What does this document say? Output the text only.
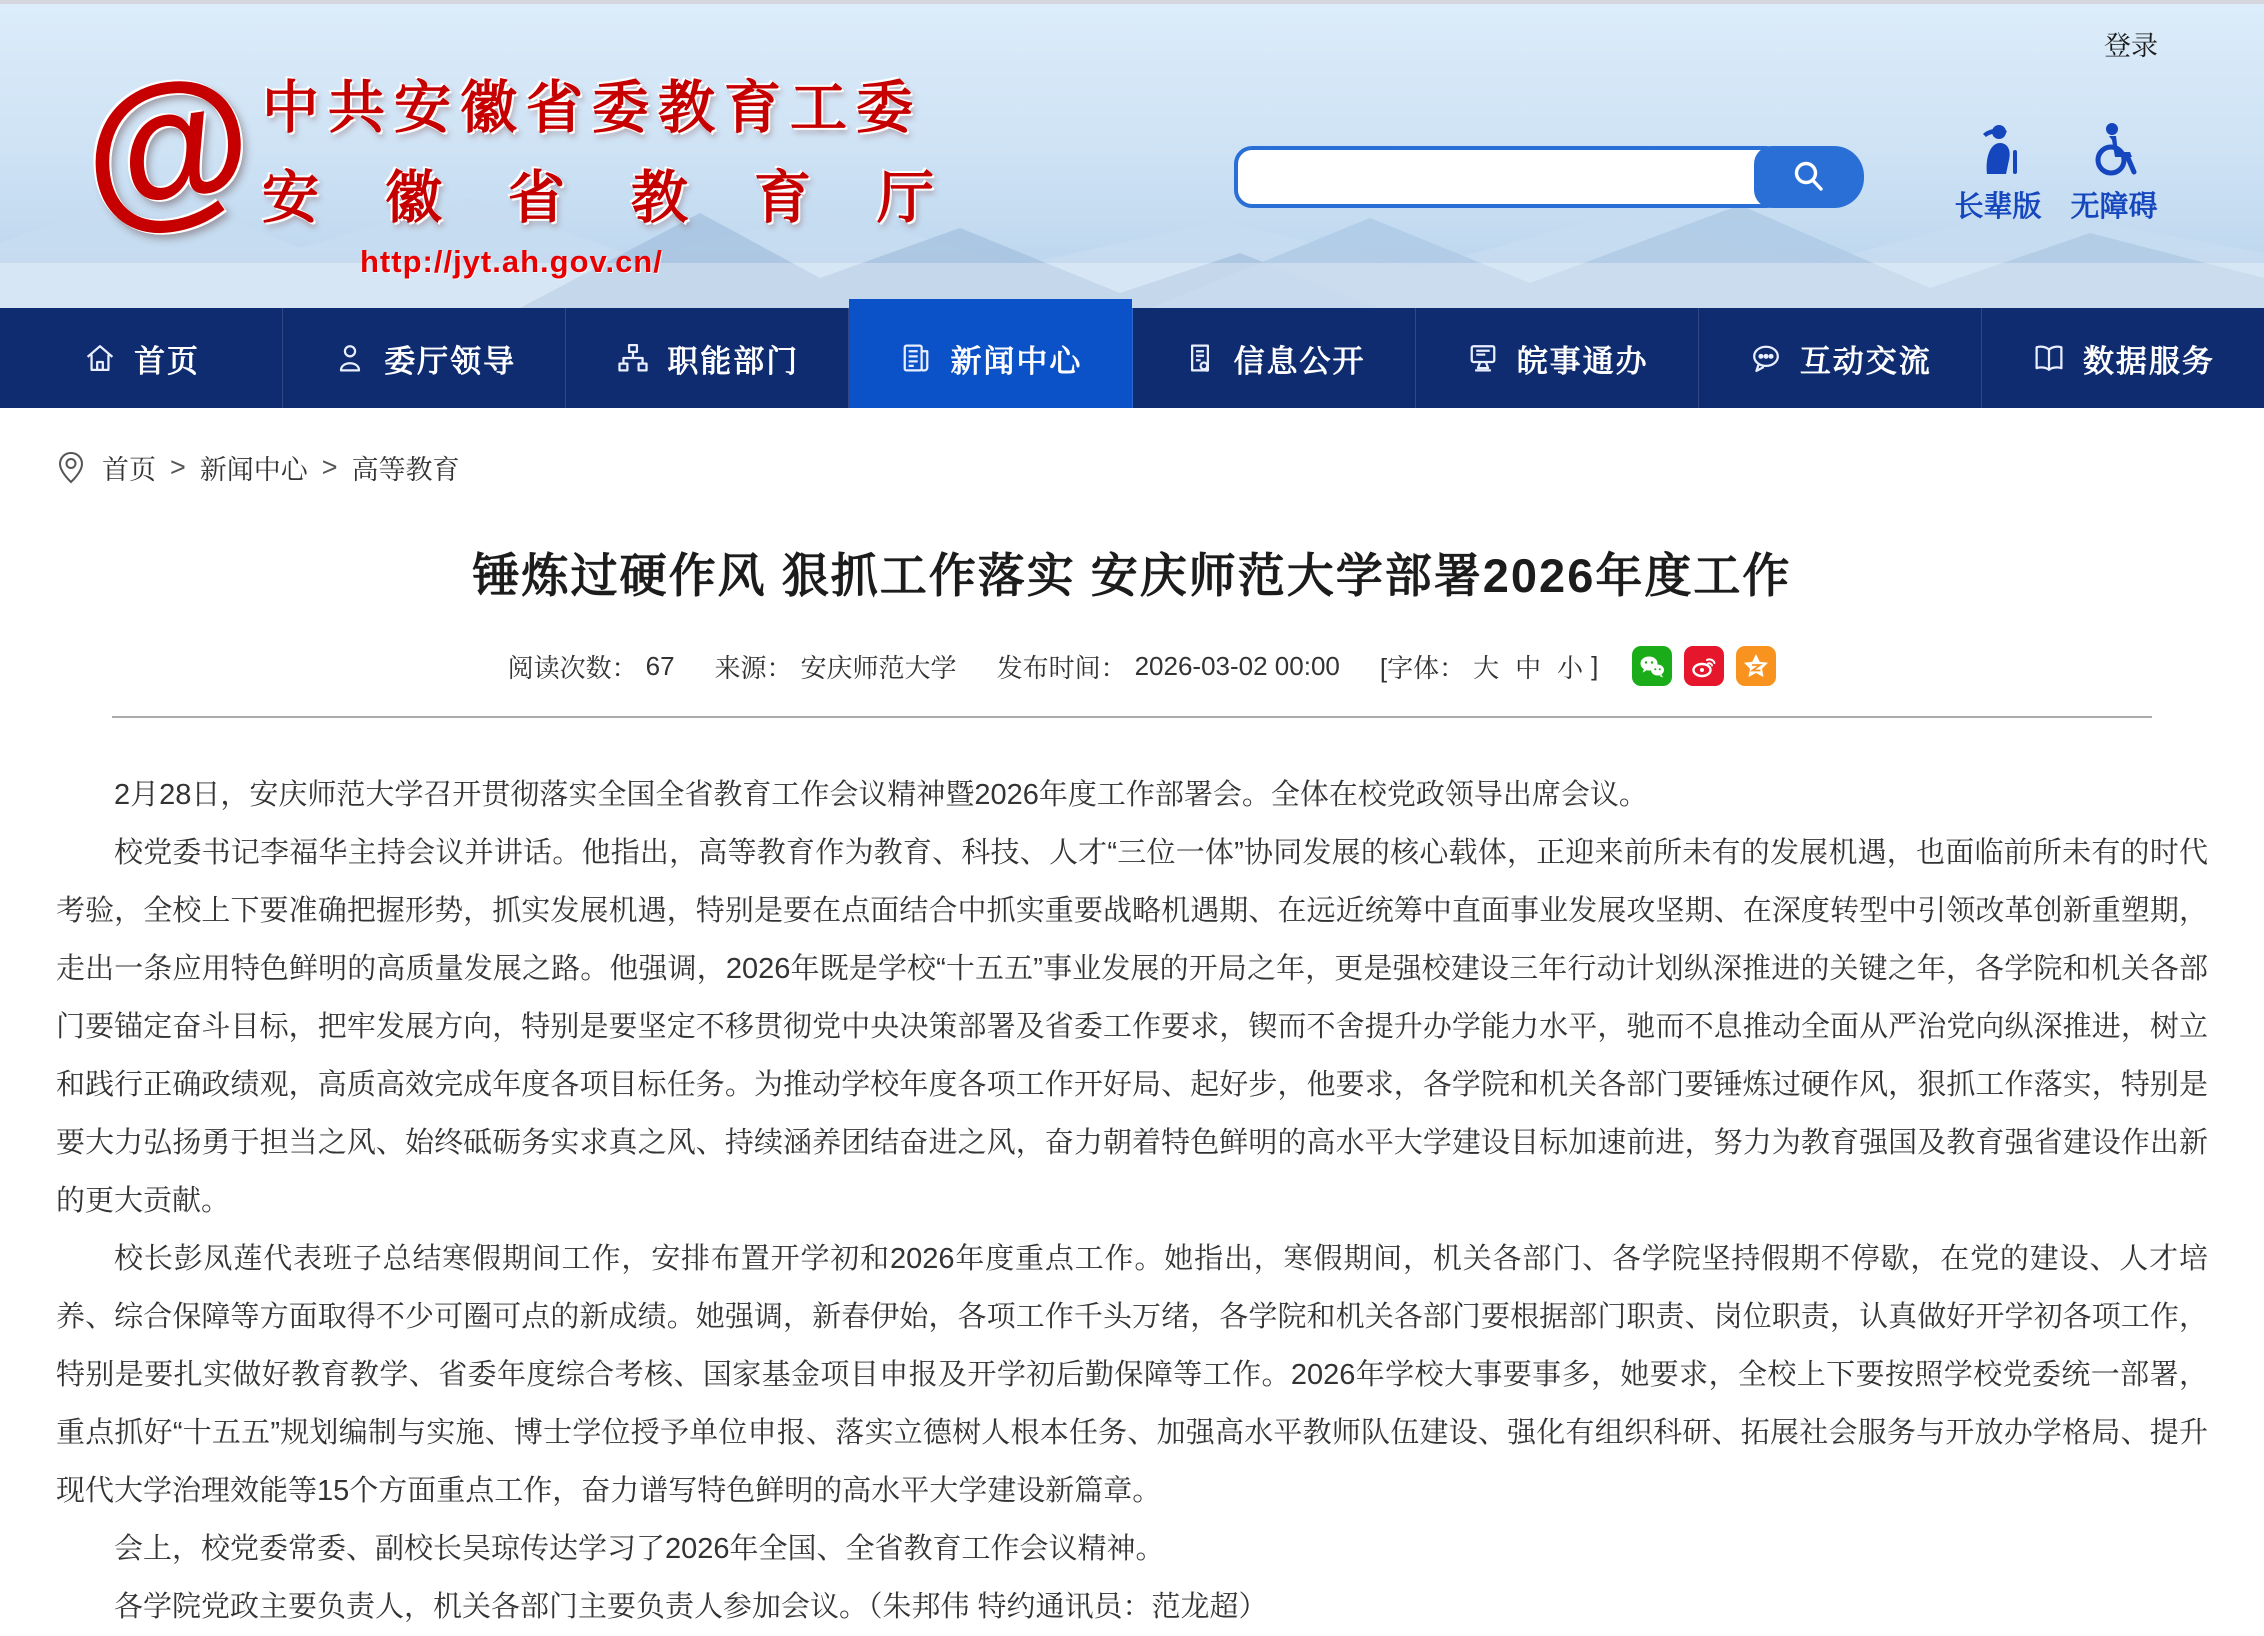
登录
@
中共安徽省委教育工委
安徽省教育厅
http://jyt.ah.gov.cn/
长辈版 无障碍
首页	委厅领导	职能部门	新闻中心	信息公开	皖事通办	互动交流	数据服务
首页 > 新闻中心 > 高等教育
锤炼过硬作风 狠抓工作落实 安庆师范大学部署2026年度工作
阅读次数： 67 来源： 安庆师范大学 发布时间： 2026-03-02 00:00 [字体： 大 中 小 ]

2月28日，安庆师范大学召开贯彻落实全国全省教育工作会议精神暨2026年度工作部署会。全体在校党政领导出席会议。

校党委书记李福华主持会议并讲话。他指出，高等教育作为教育、科技、人才“三位一体”协同发展的核心载体，正迎来前所未有的发展机遇，也面临前所未有的时代考验，全校上下要准确把握形势，抓实发展机遇，特别是要在点面结合中抓实重要战略机遇期、在远近统筹中直面事业发展攻坚期、在深度转型中引领改革创新重塑期，走出一条应用特色鲜明的高质量发展之路。他强调，2026年既是学校“十五五”事业发展的开局之年，更是强校建设三年行动计划纵深推进的关键之年，各学院和机关各部门要锚定奋斗目标，把牢发展方向，特别是要坚定不移贯彻党中央决策部署及省委工作要求，锲而不舍提升办学能力水平，驰而不息推动全面从严治党向纵深推进，树立和践行正确政绩观，高质高效完成年度各项目标任务。为推动学校年度各项工作开好局、起好步，他要求，各学院和机关各部门要锤炼过硬作风，狠抓工作落实，特别是要大力弘扬勇于担当之风、始终砥砺务实求真之风、持续涵养团结奋进之风，奋力朝着特色鲜明的高水平大学建设目标加速前进，努力为教育强国及教育强省建设作出新的更大贡献。

校长彭凤莲代表班子总结寒假期间工作，安排布置开学初和2026年度重点工作。她指出，寒假期间，机关各部门、各学院坚持假期不停歇，在党的建设、人才培养、综合保障等方面取得不少可圈可点的新成绩。她强调，新春伊始，各项工作千头万绪，各学院和机关各部门要根据部门职责、岗位职责，认真做好开学初各项工作，特别是要扎实做好教育教学、省委年度综合考核、国家基金项目申报及开学初后勤保障等工作。2026年学校大事要事多，她要求，全校上下要按照学校党委统一部署，重点抓好“十五五”规划编制与实施、博士学位授予单位申报、落实立德树人根本任务、加强高水平教师队伍建设、强化有组织科研、拓展社会服务与开放办学格局、提升现代大学治理效能等15个方面重点工作，奋力谱写特色鲜明的高水平大学建设新篇章。

会上，校党委常委、副校长吴琼传达学习了2026年全国、全省教育工作会议精神。

各学院党政主要负责人，机关各部门主要负责人参加会议。（朱邦伟 特约通讯员：范龙超）
